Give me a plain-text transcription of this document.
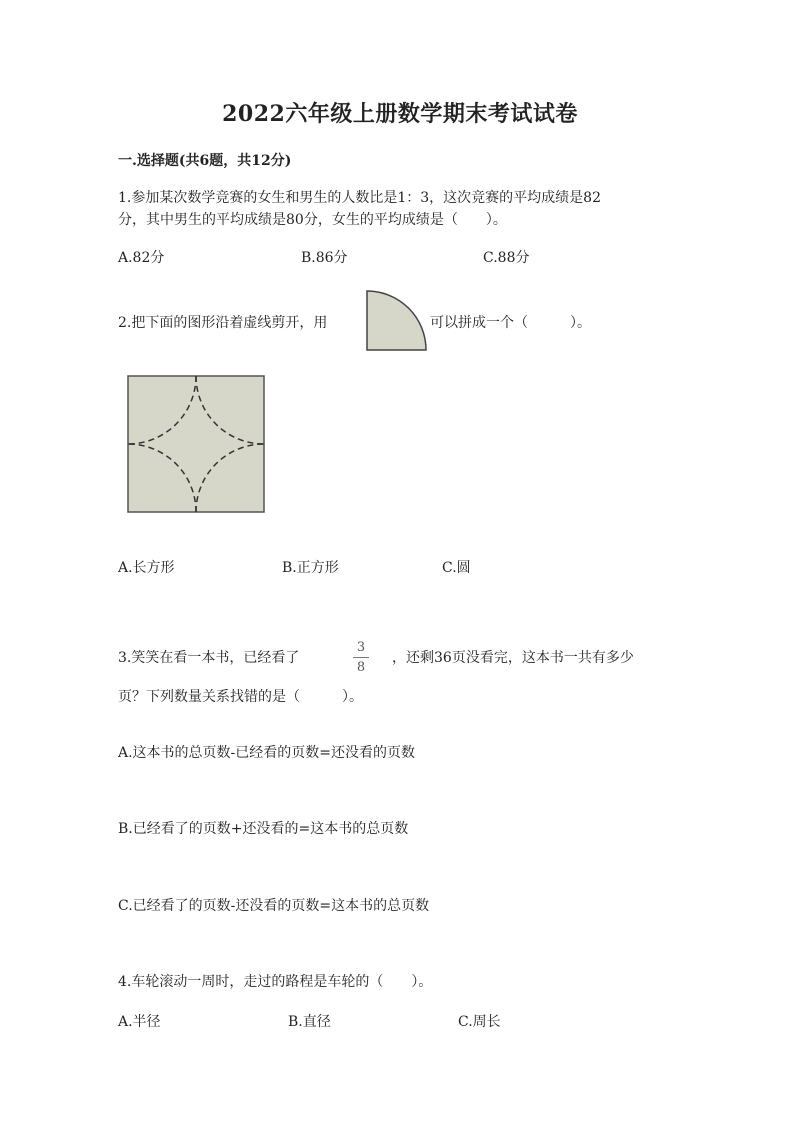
2022六年级上册数学期末考试试卷
一.选择题(共6题，共12分)
1.参加某次数学竞赛的女生和男生的人数比是1：3，这次竞赛的平均成绩是82
分，其中男生的平均成绩是80分，女生的平均成绩是（　　）。
A.82分	B.86分	C.88分
2.把下面的图形沿着虚线剪开，用	可以拼成一个（　　　）。
A.长方形	B.正方形	C.圆
3.笑笑在看一本书，已经看了
3
8
，还剩36页没看完，这本书一共有多少
页？下列数量关系找错的是（　　　）。
A.这本书的总页数-已经看的页数=还没看的页数
B.已经看了的页数+还没看的=这本书的总页数
C.已经看了的页数-还没看的页数=这本书的总页数
4.车轮滚动一周时，走过的路程是车轮的（　　）。
A.半径	B.直径	C.周长
